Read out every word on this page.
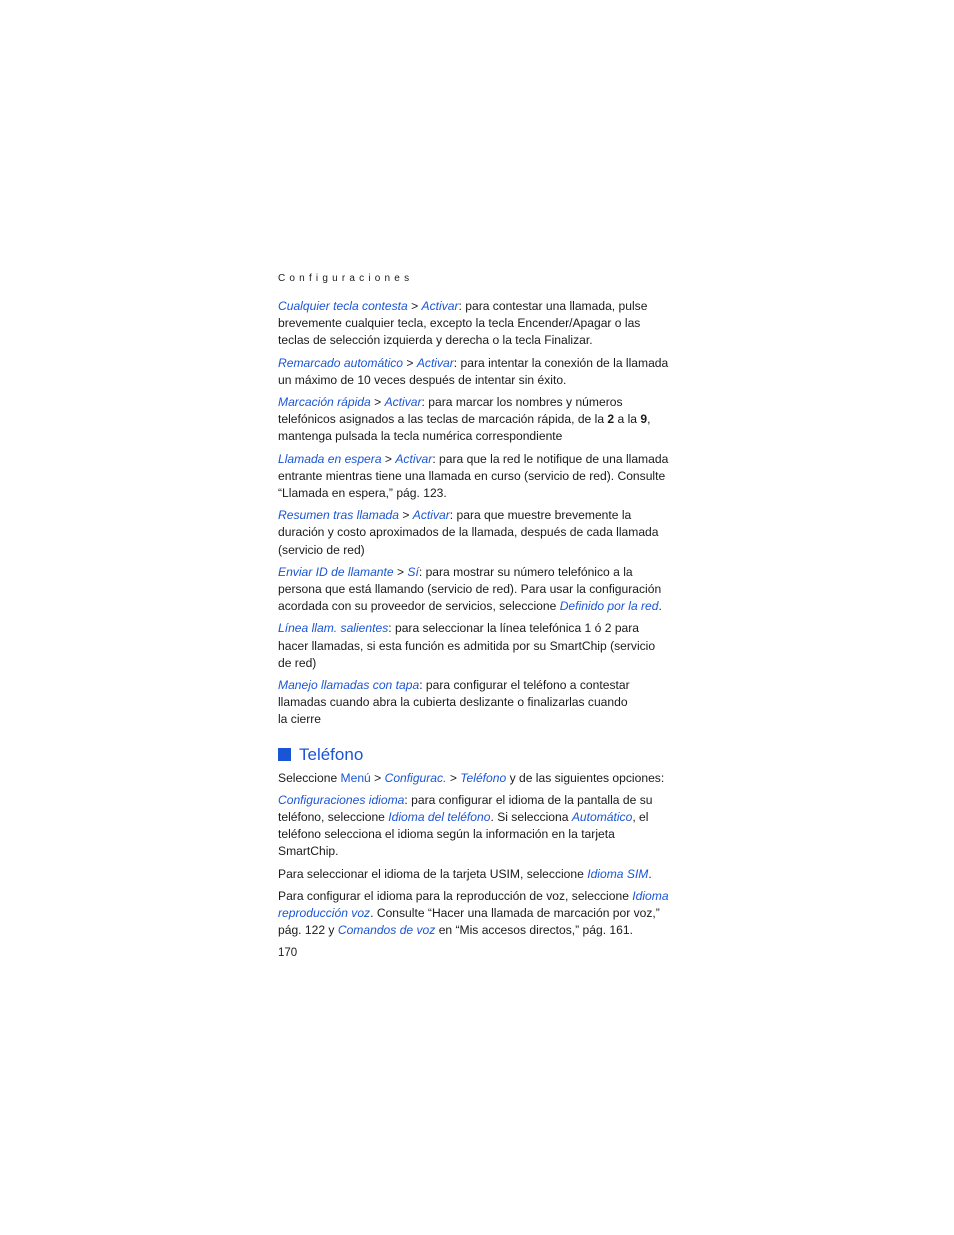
Configuraciones

Cualquier tecla contesta > Activar: para contestar una llamada, pulse brevemente cualquier tecla, excepto la tecla Encender/Apagar o las teclas de selección izquierda y derecha o la tecla Finalizar.

Remarcado automático > Activar: para intentar la conexión de la llamada un máximo de 10 veces después de intentar sin éxito.

Marcación rápida > Activar: para marcar los nombres y números telefónicos asignados a las teclas de marcación rápida, de la 2 a la 9, mantenga pulsada la tecla numérica correspondiente

Llamada en espera > Activar: para que la red le notifique de una llamada entrante mientras tiene una llamada en curso (servicio de red). Consulte “Llamada en espera,” pág. 123.

Resumen tras llamada > Activar: para que muestre brevemente la duración y costo aproximados de la llamada, después de cada llamada (servicio de red)

Enviar ID de llamante > Sí: para mostrar su número telefónico a la persona que está llamando (servicio de red). Para usar la configuración acordada con su proveedor de servicios, seleccione Definido por la red.

Línea llam. salientes: para seleccionar la línea telefónica 1 ó 2 para hacer llamadas, si esta función es admitida por su SmartChip (servicio de red)

Manejo llamadas con tapa: para configurar el teléfono a contestar llamadas cuando abra la cubierta deslizante o finalizarlas cuando la cierre

Teléfono

Seleccione Menú > Configurac. > Teléfono y de las siguientes opciones:

Configuraciones idioma: para configurar el idioma de la pantalla de su teléfono, seleccione Idioma del teléfono. Si selecciona Automático, el teléfono selecciona el idioma según la información en la tarjeta SmartChip.

Para seleccionar el idioma de la tarjeta USIM, seleccione Idioma SIM.

Para configurar el idioma para la reproducción de voz, seleccione Idioma reproducción voz. Consulte “Hacer una llamada de marcación por voz,” pág. 122 y Comandos de voz en “Mis accesos directos,” pág. 161.

170
